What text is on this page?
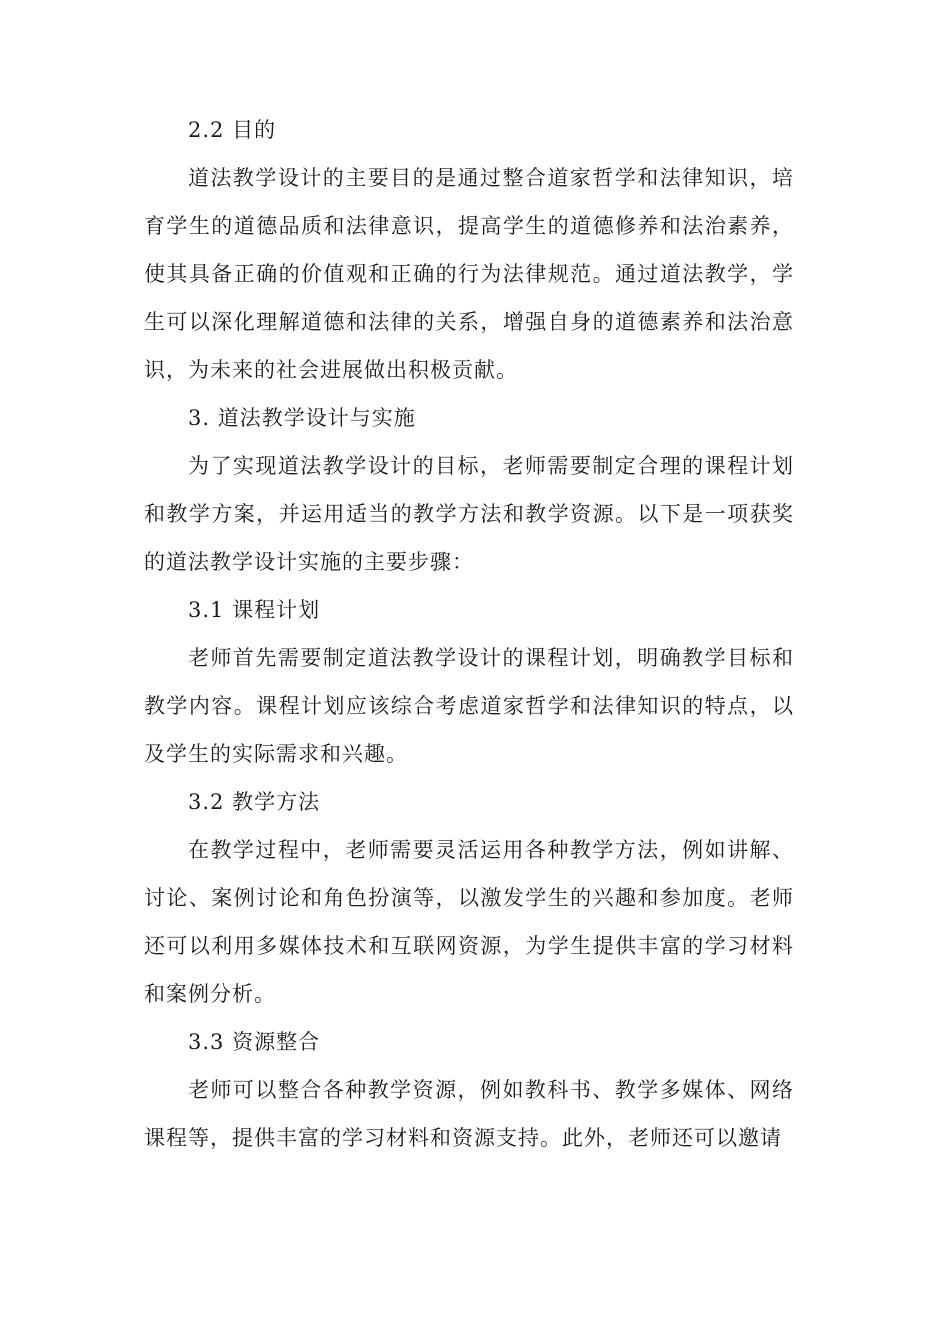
2.2 目的

道法教学设计的主要目的是通过整合道家哲学和法律知识，培育学生的道德品质和法律意识，提高学生的道德修养和法治素养，使其具备正确的价值观和正确的行为法律规范。通过道法教学，学生可以深化理解道德和法律的关系，增强自身的道德素养和法治意识，为未来的社会进展做出积极贡献。

3. 道法教学设计与实施

为了实现道法教学设计的目标，老师需要制定合理的课程计划和教学方案，并运用适当的教学方法和教学资源。以下是一项获奖的道法教学设计实施的主要步骤：

3.1 课程计划

老师首先需要制定道法教学设计的课程计划，明确教学目标和教学内容。课程计划应该综合考虑道家哲学和法律知识的特点，以及学生的实际需求和兴趣。

3.2 教学方法

在教学过程中，老师需要灵活运用各种教学方法，例如讲解、讨论、案例讨论和角色扮演等，以激发学生的兴趣和参加度。老师还可以利用多媒体技术和互联网资源，为学生提供丰富的学习材料和案例分析。

3.3 资源整合

老师可以整合各种教学资源，例如教科书、教学多媒体、网络课程等，提供丰富的学习材料和资源支持。此外，老师还可以邀请
